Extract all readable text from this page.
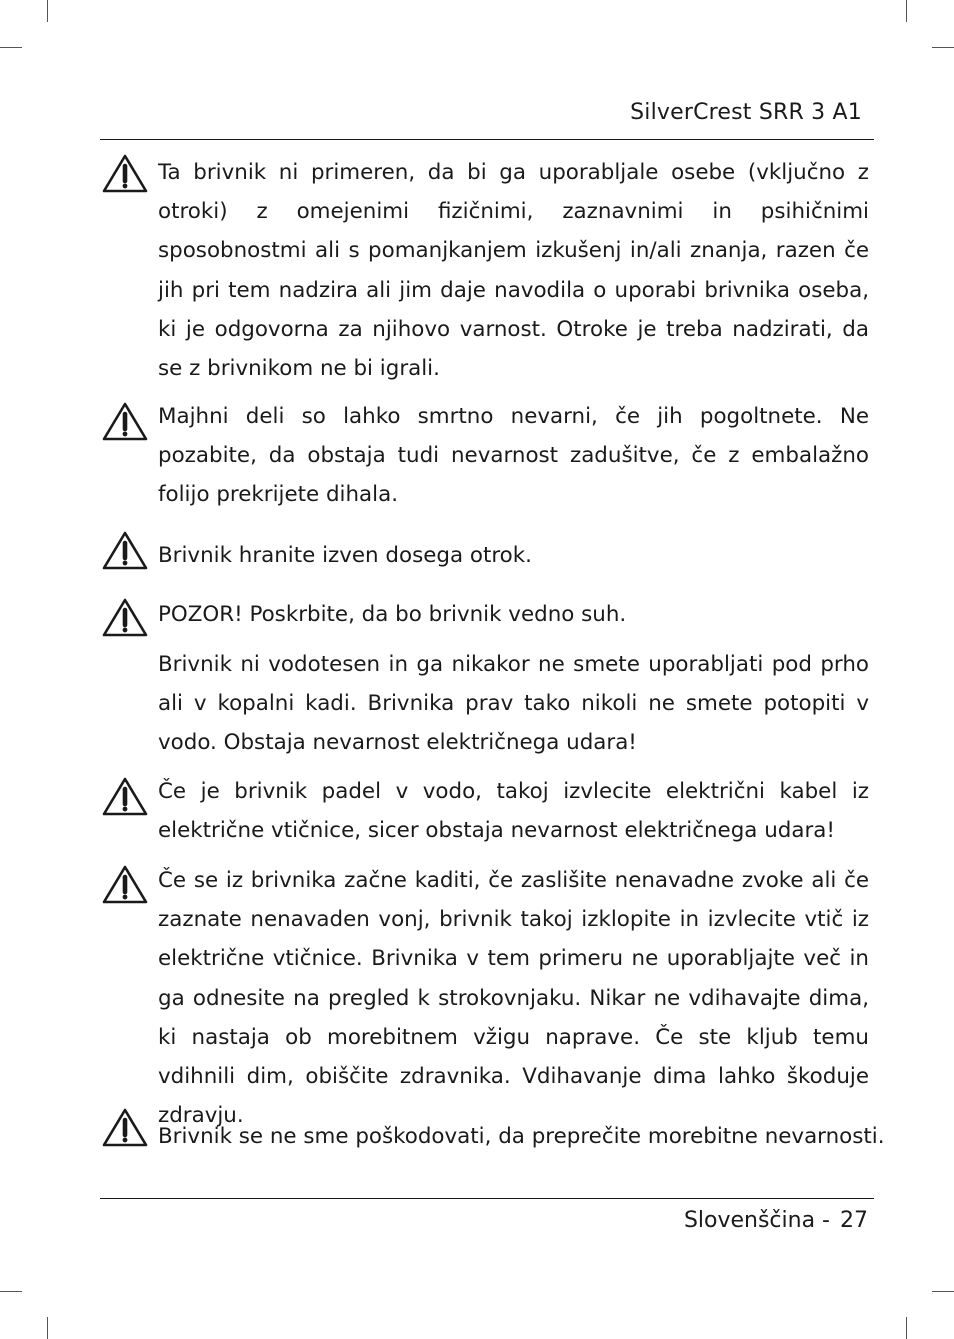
SilverCrest SRR 3 A1

Ta brivnik ni primeren, da bi ga uporabljale osebe (vključno z otroki) z omejenimi fizičnimi, zaznavnimi in psihičnimi sposobnostmi ali s pomanjkanjem izkušenj in/ali znanja, razen če jih pri tem nadzira ali jim daje navodila o uporabi brivnika oseba, ki je odgovorna za njihovo varnost. Otroke je treba nadzirati, da se z brivnikom ne bi igrali.

Majhni deli so lahko smrtno nevarni, če jih pogoltnete. Ne pozabite, da obstaja tudi nevarnost zadušitve, če z embalažno folijo prekrijete dihala.

Brivnik hranite izven dosega otrok.

POZOR! Poskrbite, da bo brivnik vedno suh.

Brivnik ni vodotesen in ga nikakor ne smete uporabljati pod prho ali v kopalni kadi. Brivnika prav tako nikoli ne smete potopiti v vodo. Obstaja nevarnost električnega udara!

Če je brivnik padel v vodo, takoj izvlecite električni kabel iz električne vtičnice, sicer obstaja nevarnost električnega udara!

Če se iz brivnika začne kaditi, če zaslišite nenavadne zvoke ali če zaznate nenavaden vonj, brivnik takoj izklopite in izvlecite vtič iz električne vtičnice. Brivnika v tem primeru ne uporabljajte več in ga odnesite na pregled k strokovnjaku. Nikar ne vdihavajte dima, ki nastaja ob morebitnem vžigu naprave. Če ste kljub temu vdihnili dim, obiščite zdravnika. Vdihavanje dima lahko škoduje zdravju.

Brivnik se ne sme poškodovati, da preprečite morebitne nevarnosti.

Slovenščina - 27
